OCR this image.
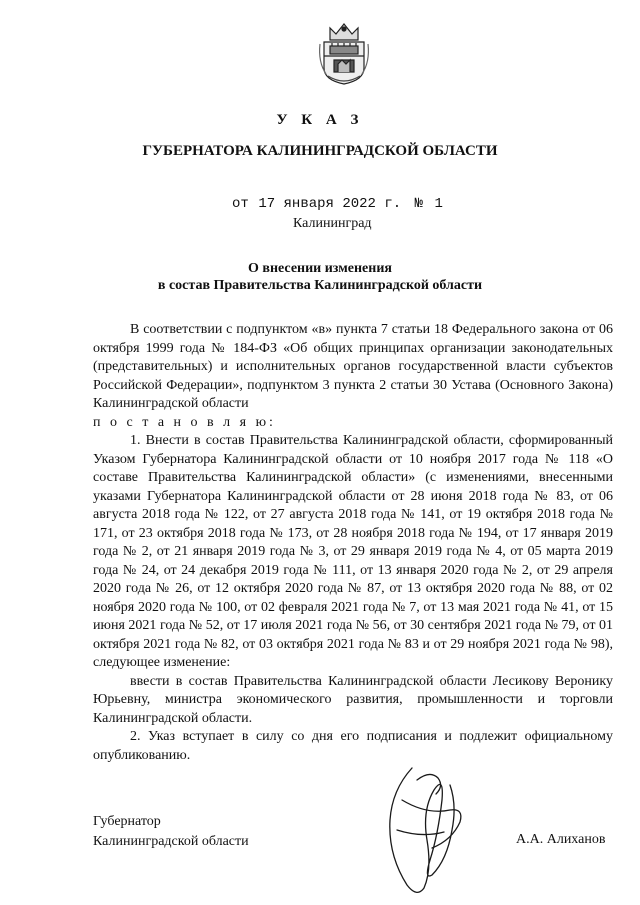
У К А З
ГУБЕРНАТОРА КАЛИНИНГРАДСКОЙ ОБЛАСТИ
от 17 января 2022 г. № 1
Калининград
О внесении изменения
в состав Правительства Калининградской области

В соответствии с подпунктом «в» пункта 7 статьи 18 Федерального закона от 06 октября 1999 года № 184-ФЗ «Об общих принципах организации законодательных (представительных) и исполнительных органов государственной власти субъектов Российской Федерации», подпунктом 3 пункта 2 статьи 30 Устава (Основного Закона) Калининградской области

п о с т а н о в л я ю:

1. Внести в состав Правительства Калининградской области, сформированный Указом Губернатора Калининградской области от 10 ноября 2017 года № 118 «О составе Правительства Калининградской области» (с изменениями, внесенными указами Губернатора Калининградской области от 28 июня 2018 года № 83, от 06 августа 2018 года № 122, от 27 августа 2018 года № 141, от 19 октября 2018 года № 171, от 23 октября 2018 года № 173, от 28 ноября 2018 года № 194, от 17 января 2019 года № 2, от 21 января 2019 года № 3, от 29 января 2019 года № 4, от 05 марта 2019 года № 24, от 24 декабря 2019 года № 111, от 13 января 2020 года № 2, от 29 апреля 2020 года № 26, от 12 октября 2020 года № 87, от 13 октября 2020 года № 88, от 02 ноября 2020 года № 100, от 02 февраля 2021 года № 7, от 13 мая 2021 года № 41, от 15 июня 2021 года № 52, от 17 июля 2021 года № 56, от 30 сентября 2021 года № 79, от 01 октября 2021 года № 82, от 03 октября 2021 года № 83 и от 29 ноября 2021 года № 98), следующее изменение:

ввести в состав Правительства Калининградской области Лесикову Веронику Юрьевну, министра экономического развития, промышленности и торговли Калининградской области.

2. Указ вступает в силу со дня его подписания и подлежит официальному опубликованию.

Губернатор
Калининградской области	А.А. Алиханов
